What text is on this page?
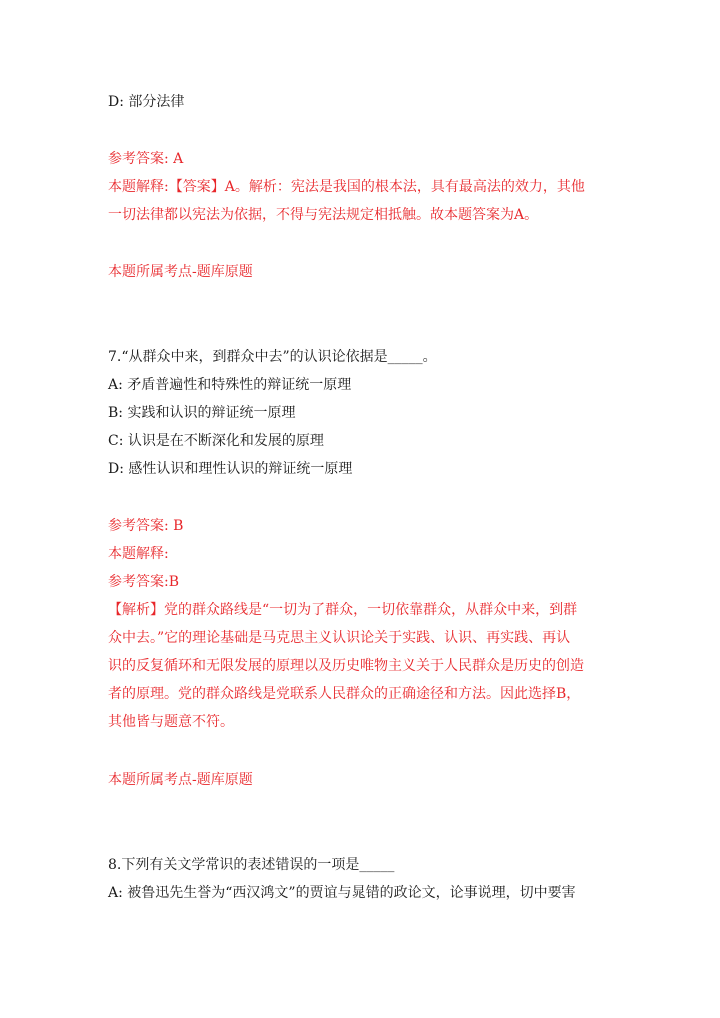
D: 部分法律
参考答案: A
本题解释:【答案】A。解析：宪法是我国的根本法，具有最高法的效力，其他
一切法律都以宪法为依据，不得与宪法规定相抵触。故本题答案为A。
本题所属考点-题库原题
7.“从群众中来，到群众中去”的认识论依据是_____。
A: 矛盾普遍性和特殊性的辩证统一原理
B: 实践和认识的辩证统一原理
C: 认识是在不断深化和发展的原理
D: 感性认识和理性认识的辩证统一原理
参考答案: B
本题解释:
参考答案:B
【解析】党的群众路线是“一切为了群众，一切依靠群众，从群众中来，到群
众中去。”它的理论基础是马克思主义认识论关于实践、认识、再实践、再认
识的反复循环和无限发展的原理以及历史唯物主义关于人民群众是历史的创造
者的原理。党的群众路线是党联系人民群众的正确途径和方法。因此选择B，
其他皆与题意不符。
本题所属考点-题库原题
8.下列有关文学常识的表述错误的一项是_____
A: 被鲁迅先生誉为“西汉鸿文”的贾谊与晁错的政论文，论事说理，切中要害
